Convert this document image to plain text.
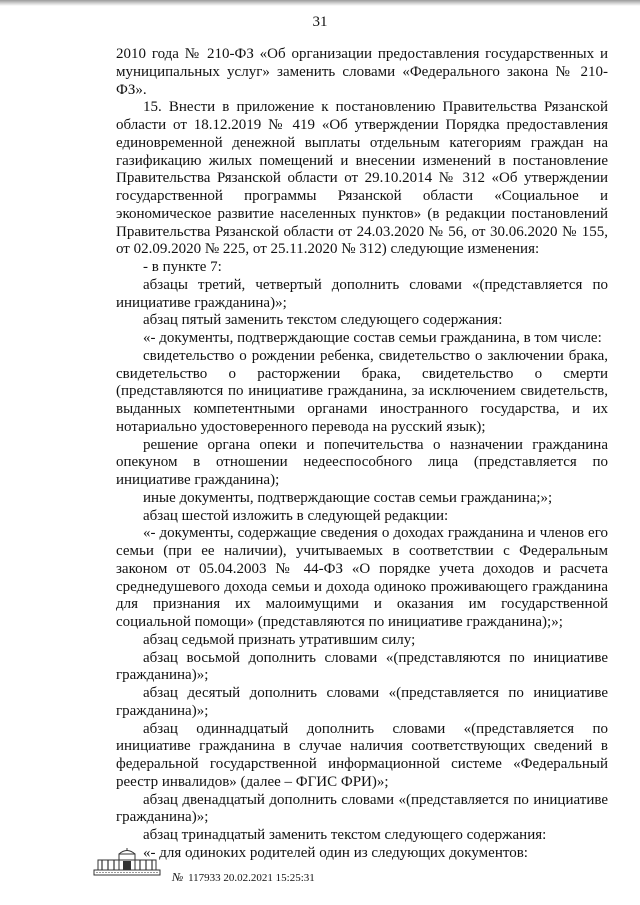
31

2010 года № 210-ФЗ «Об организации предоставления государственных и муниципальных услуг» заменить словами «Федерального закона № 210-ФЗ».

15. Внести в приложение к постановлению Правительства Рязанской области от 18.12.2019 № 419 «Об утверждении Порядка предоставления единовременной денежной выплаты отдельным категориям граждан на газификацию жилых помещений и внесении изменений в постановление Правительства Рязанской области от 29.10.2014 № 312 «Об утверждении государственной программы Рязанской области «Социальное и экономическое развитие населенных пунктов» (в редакции постановлений Правительства Рязанской области от 24.03.2020 № 56, от 30.06.2020 № 155, от 02.09.2020 № 225, от 25.11.2020 № 312) следующие изменения:

- в пункте 7:

абзацы третий, четвертый дополнить словами «(представляется по инициативе гражданина)»;

абзац пятый заменить текстом следующего содержания:

«- документы, подтверждающие состав семьи гражданина, в том числе:

свидетельство о рождении ребенка, свидетельство о заключении брака, свидетельство о расторжении брака, свидетельство о смерти (представляются по инициативе гражданина, за исключением свидетельств, выданных компетентными органами иностранного государства, и их нотариально удостоверенного перевода на русский язык);

решение органа опеки и попечительства о назначении гражданина опекуном в отношении недееспособного лица (представляется по инициативе гражданина);

иные документы, подтверждающие состав семьи гражданина;»;

абзац шестой изложить в следующей редакции:

«- документы, содержащие сведения о доходах гражданина и членов его семьи (при ее наличии), учитываемых в соответствии с Федеральным законом от 05.04.2003 № 44-ФЗ «О порядке учета доходов и расчета среднедушевого дохода семьи и дохода одиноко проживающего гражданина для признания их малоимущими и оказания им государственной социальной помощи» (представляются по инициативе гражданина);»;

абзац седьмой признать утратившим силу;

абзац восьмой дополнить словами «(представляются по инициативе гражданина)»;

абзац десятый дополнить словами «(представляется по инициативе гражданина)»;

абзац одиннадцатый дополнить словами «(представляется по инициативе гражданина в случае наличия соответствующих сведений в федеральной государственной информационной системе «Федеральный реестр инвалидов» (далее – ФГИС ФРИ)»;

абзац двенадцатый дополнить словами «(представляется по инициативе гражданина)»;

абзац тринадцатый заменить текстом следующего содержания:

«- для одиноких родителей один из следующих документов:

№ 117933 20.02.2021 15:25:31
